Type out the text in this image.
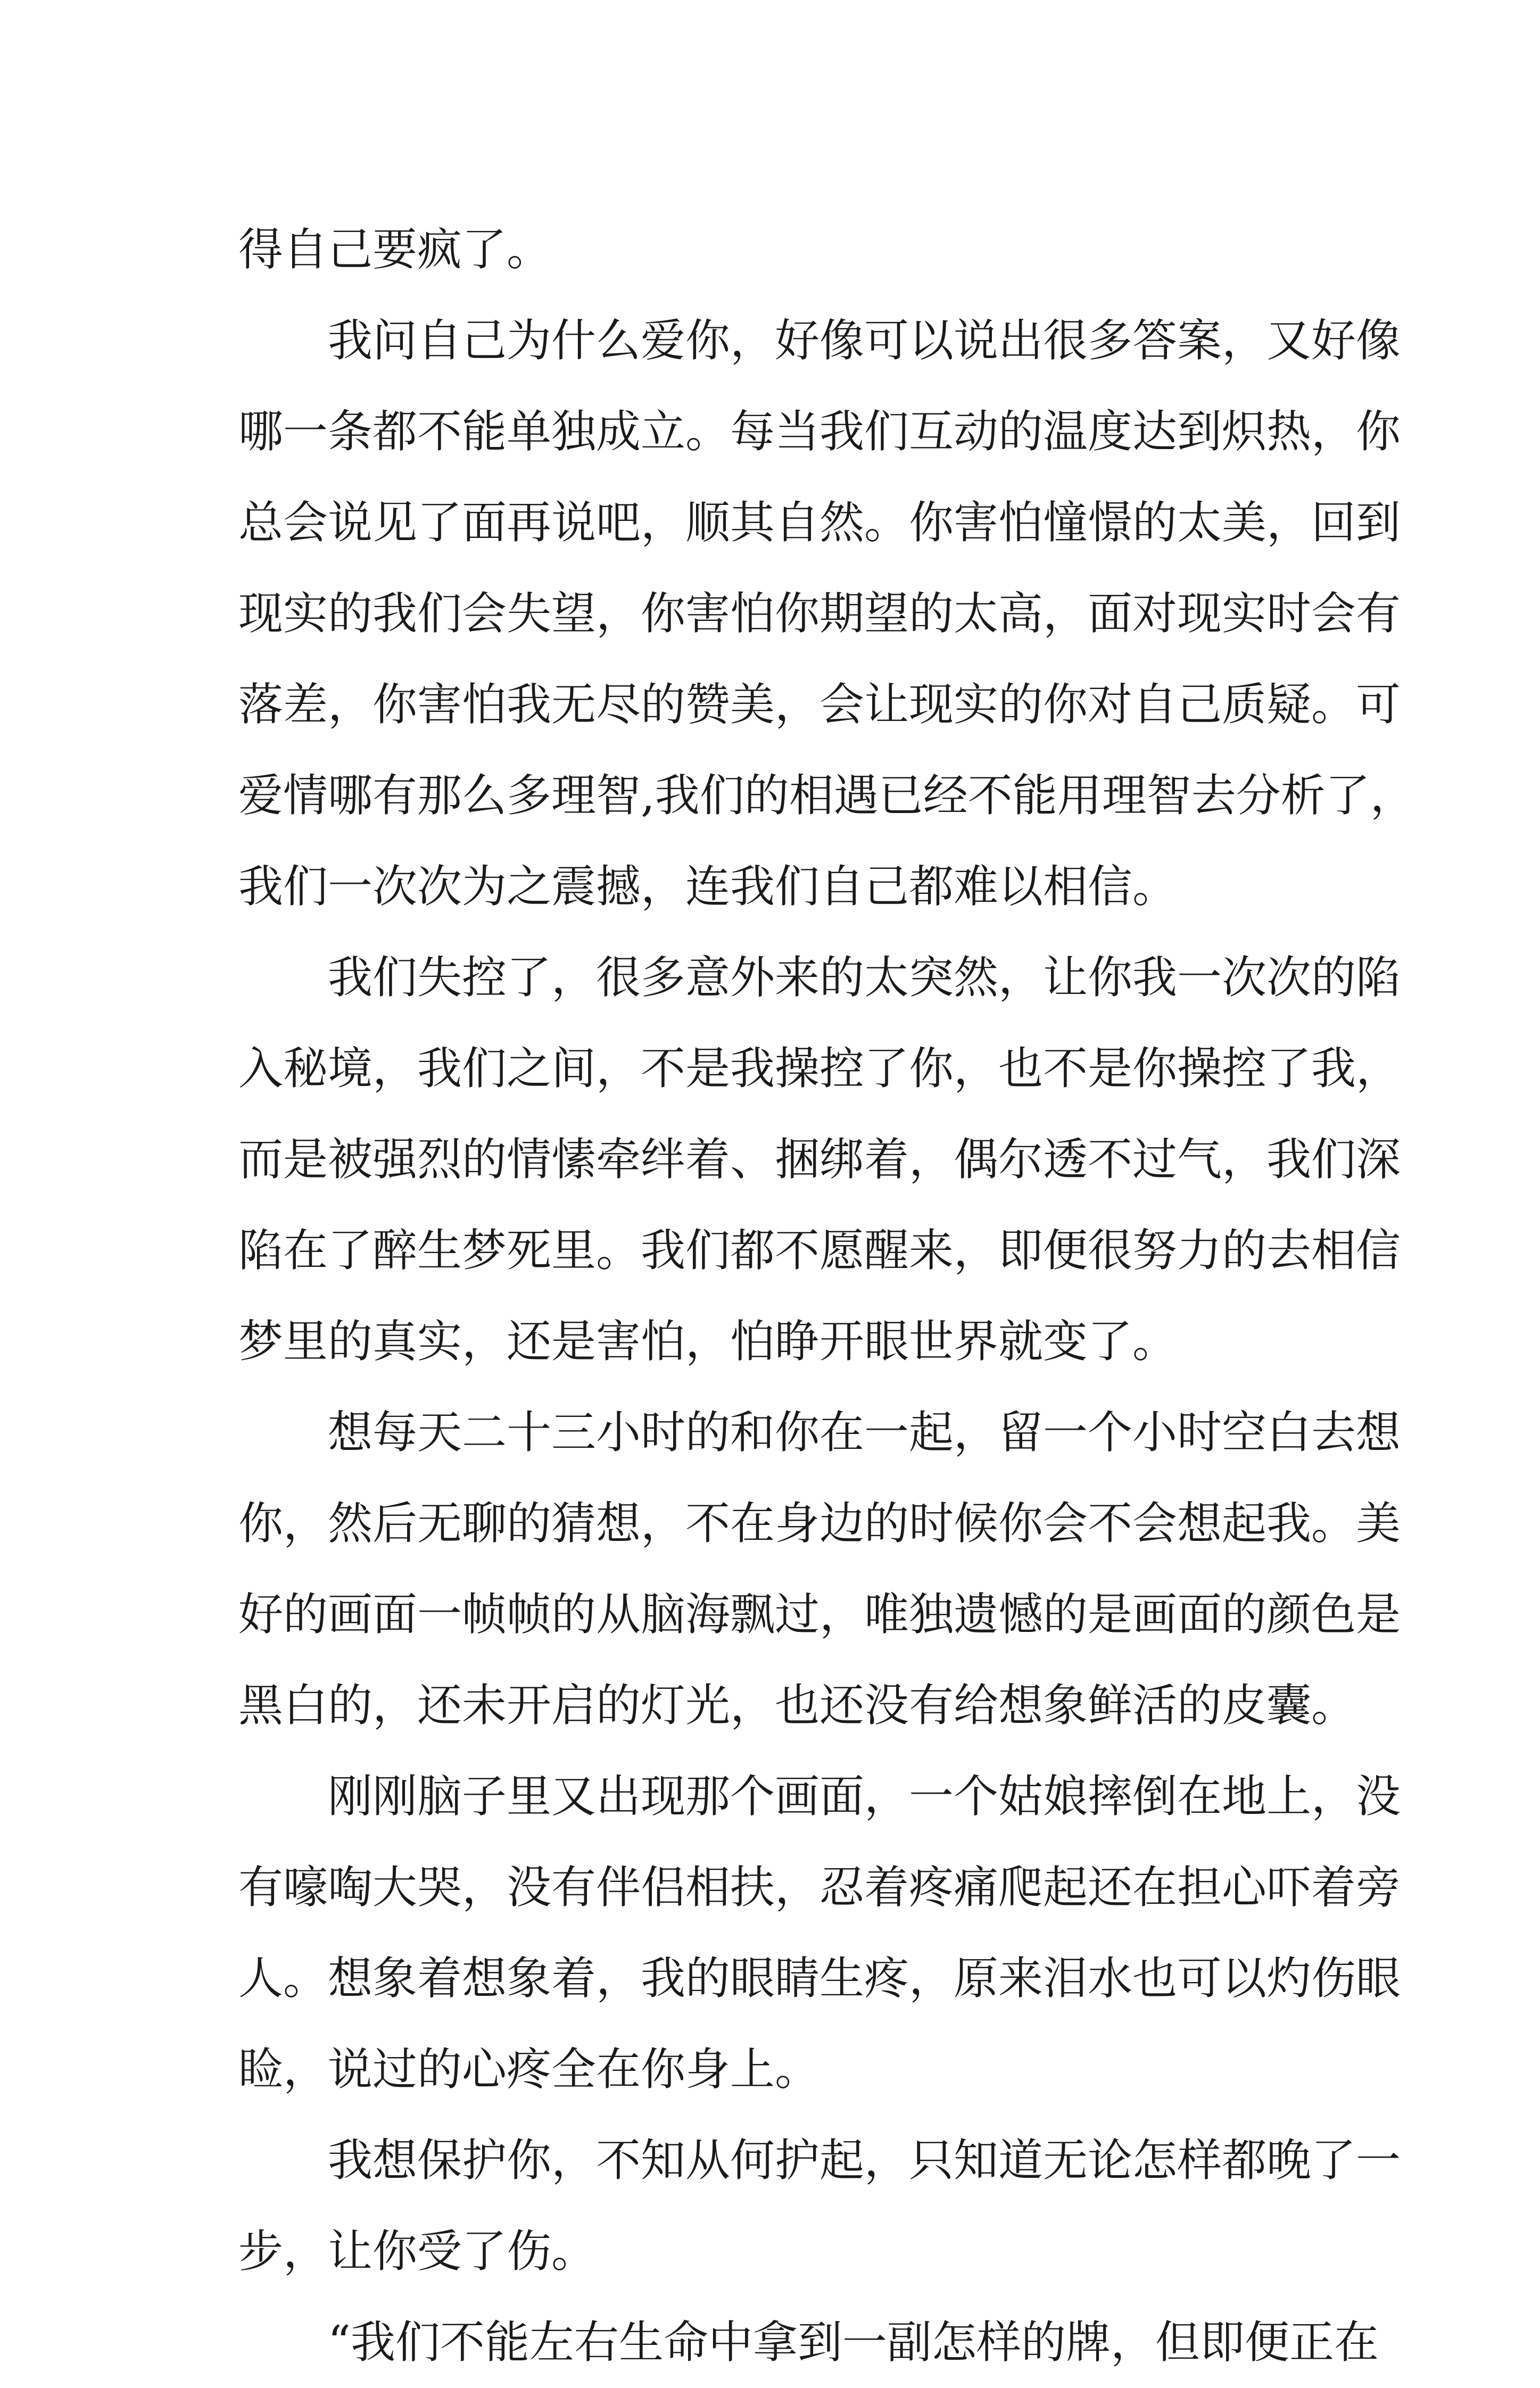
得自己要疯了。
我问自己为什么爱你，好像可以说出很多答案，又好像
哪一条都不能单独成立。每当我们互动的温度达到炽热，你
总会说见了面再说吧，顺其自然。你害怕憧憬的太美，回到
现实的我们会失望，你害怕你期望的太高，面对现实时会有
落差，你害怕我无尽的赞美，会让现实的你对自己质疑。可
爱情哪有那么多理智,我们的相遇已经不能用理智去分析了，
我们一次次为之震撼，连我们自己都难以相信。
我们失控了，很多意外来的太突然，让你我一次次的陷
入秘境，我们之间，不是我操控了你，也不是你操控了我，
而是被强烈的情愫牵绊着、捆绑着，偶尔透不过气，我们深
陷在了醉生梦死里。我们都不愿醒来，即便很努力的去相信
梦里的真实，还是害怕，怕睁开眼世界就变了。
想每天二十三小时的和你在一起，留一个小时空白去想
你，然后无聊的猜想，不在身边的时候你会不会想起我。美
好的画面一帧帧的从脑海飘过，唯独遗憾的是画面的颜色是
黑白的，还未开启的灯光，也还没有给想象鲜活的皮囊。
刚刚脑子里又出现那个画面，一个姑娘摔倒在地上，没
有嚎啕大哭，没有伴侣相扶，忍着疼痛爬起还在担心吓着旁
人。想象着想象着，我的眼睛生疼，原来泪水也可以灼伤眼
睑，说过的心疼全在你身上。
我想保护你，不知从何护起，只知道无论怎样都晚了一
步，让你受了伤。
“我们不能左右生命中拿到一副怎样的牌，但即便正在
